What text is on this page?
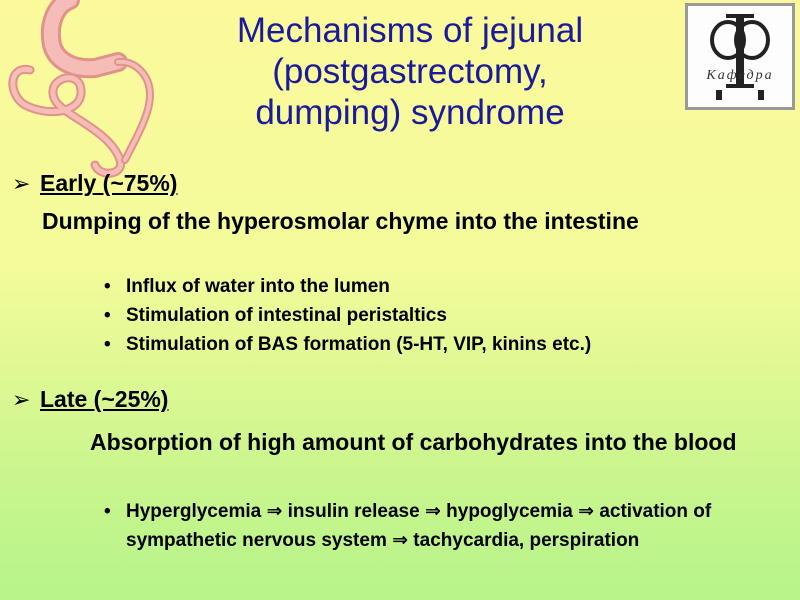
Mechanisms of jejunal
(postgastrectomy,
dumping) syndrome
Кафедра
➢ Early (~75%)
Dumping of the hyperosmolar chyme into the intestine
• Influx of water into the lumen
• Stimulation of intestinal peristaltics
• Stimulation of BAS formation (5-HT, VIP, kinins etc.)
➢ Late (~25%)
Absorption of high amount of carbohydrates into the blood
• Hyperglycemia ⇒ insulin release ⇒ hypoglycemia ⇒ activation of sympathetic nervous system ⇒ tachycardia, perspiration
